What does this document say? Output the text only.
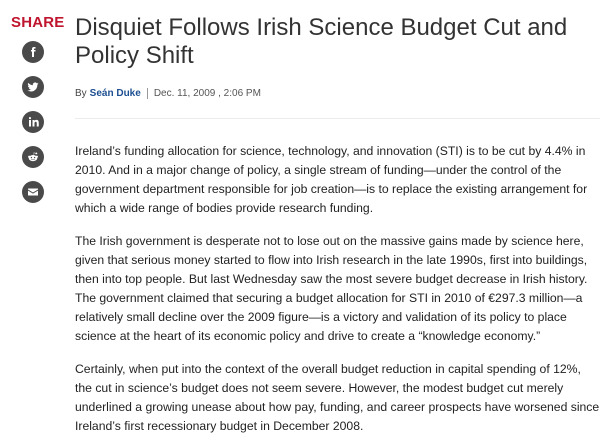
SHARE Disquiet Follows Irish Science Budget Cut and Policy Shift
By Seán Duke Dec. 11, 2009 , 2:06 PM

Ireland’s funding allocation for science, technology, and innovation (STI) is to be cut by 4.4% in 2010. And in a major change of policy, a single stream of funding—under the control of the government department responsible for job creation—is to replace the existing arrangement for which a wide range of bodies provide research funding.

The Irish government is desperate not to lose out on the massive gains made by science here, given that serious money started to flow into Irish research in the late 1990s, first into buildings, then into top people. But last Wednesday saw the most severe budget decrease in Irish history. The government claimed that securing a budget allocation for STI in 2010 of €297.3 million—a relatively small decline over the 2009 figure—is a victory and validation of its policy to place science at the heart of its economic policy and drive to create a “knowledge economy.”

Certainly, when put into the context of the overall budget reduction in capital spending of 12%, the cut in science’s budget does not seem severe. However, the modest budget cut merely underlined a growing unease about how pay, funding, and career prospects have worsened since Ireland’s first recessionary budget in December 2008.
